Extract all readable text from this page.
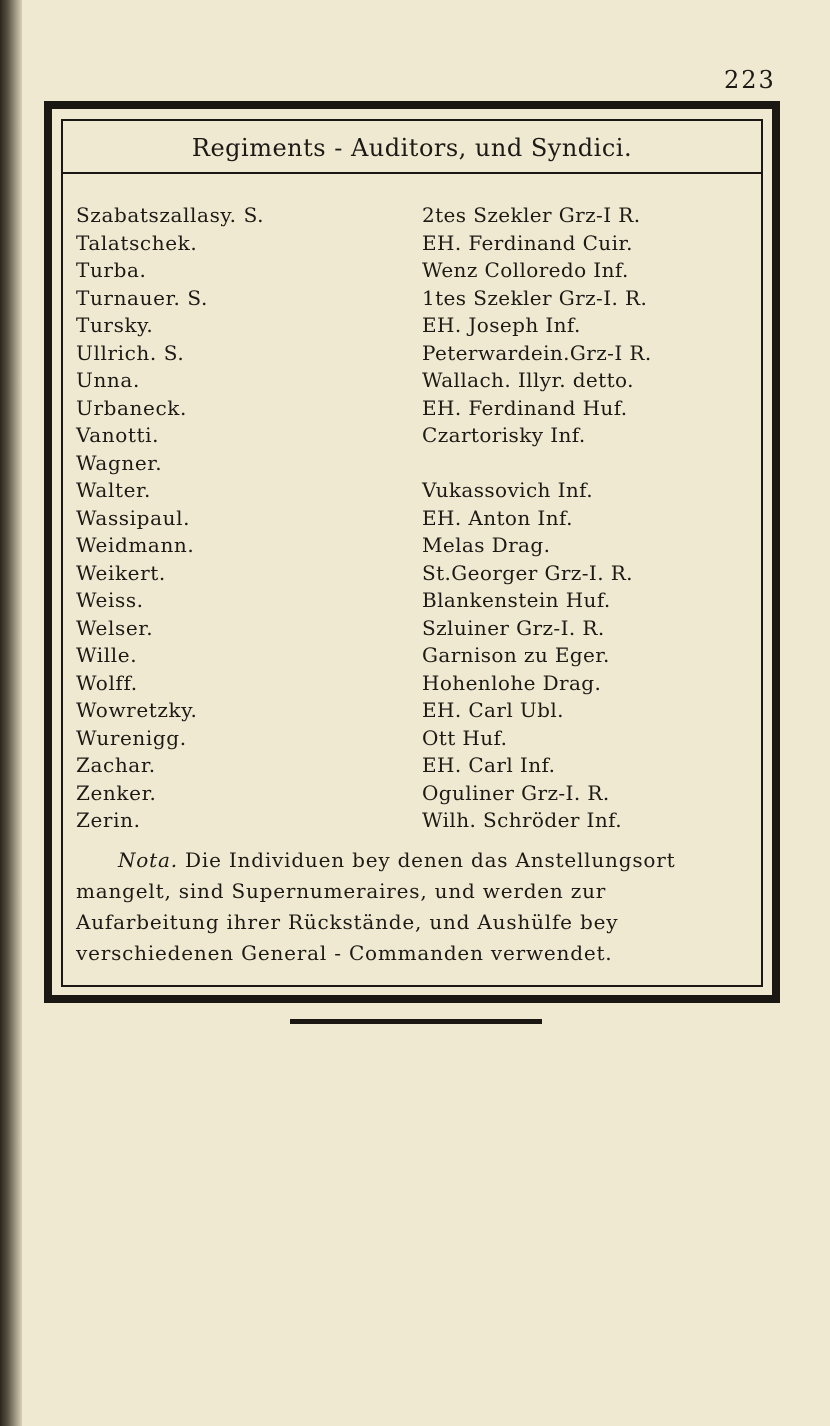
223
Regiments - Auditors, und Syndici.
Szabatszallasy. S.	2tes Szekler Grz-I R.
Talatschek.	EH. Ferdinand Cuir.
Turba.	Wenz Colloredo Inf.
Turnauer. S.	1tes Szekler Grz-I. R.
Tursky.	EH. Joseph Inf.
Ullrich. S.	Peterwardein.Grz-I R.
Unna.	Wallach. Illyr. detto.
Urbaneck.	EH. Ferdinand Huf.
Vanotti.	Czartorisky Inf.
Wagner.
Walter.	Vukassovich Inf.
Wassipaul.	EH. Anton Inf.
Weidmann.	Melas Drag.
Weikert.	St.Georger Grz-I. R.
Weiss.	Blankenstein Huf.
Welser.	Szluiner Grz-I. R.
Wille.	Garnison zu Eger.
Wolff.	Hohenlohe Drag.
Wowretzky.	EH. Carl Ubl.
Wurenigg.	Ott Huf.
Zachar.	EH. Carl Inf.
Zenker.	Oguliner Grz-I. R.
Zerin.	Wilh. Schröder Inf.
Nota. Die Individuen bey denen das Anstellungsort mangelt, sind Supernumeraires, und werden zur Aufarbeitung ihrer Rückstände, und Aushülfe bey verschiedenen General - Commanden verwendet.
